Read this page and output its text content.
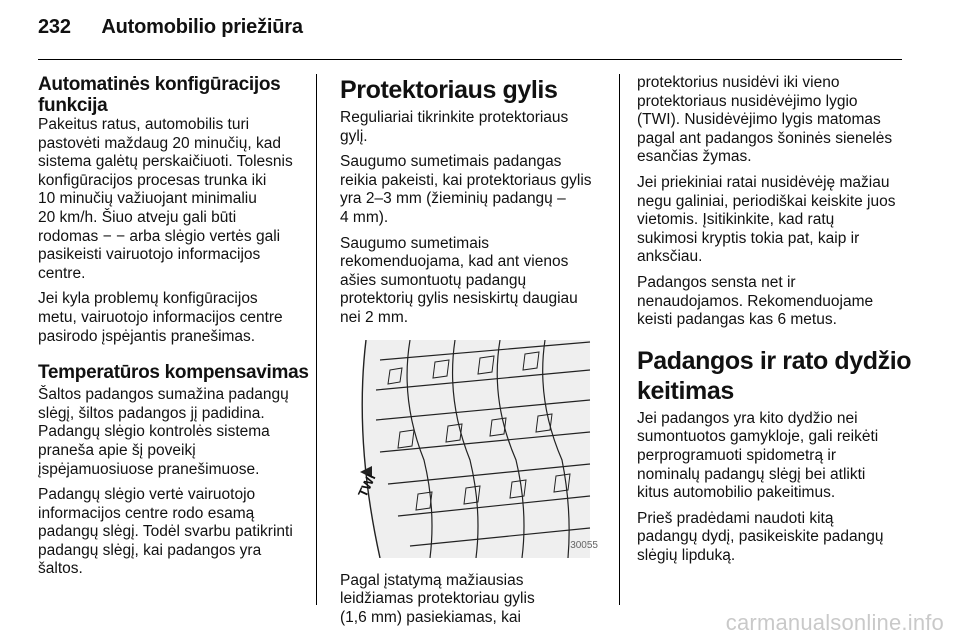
232 Automobilio priežiūra
Automatinės konfigūracijos
funkcija

Pakeitus ratus, automobilis turi
pastovėti maždaug 20 minučių, kad
sistema galėtų perskaičiuoti. Tolesnis
konfigūracijos procesas trunka iki
10 minučių važiuojant minimaliu
20 km/h. Šiuo atveju gali būti
rodomas − − arba slėgio vertės gali
pasikeisti vairuotojo informacijos
centre.

Jei kyla problemų konfigūracijos
metu, vairuotojo informacijos centre
pasirodo įspėjantis pranešimas.

Temperatūros kompensavimas

Šaltos padangos sumažina padangų
slėgį, šiltos padangos jį padidina.
Padangų slėgio kontrolės sistema
praneša apie šį poveikį
įspėjamuosiuose pranešimuose.

Padangų slėgio vertė vairuotojo
informacijos centre rodo esamą
padangų slėgį. Todėl svarbu patikrinti
padangų slėgį, kai padangos yra
šaltos.

Protektoriaus gylis

Reguliariai tikrinkite protektoriaus
gylį.

Saugumo sumetimais padangas
reikia pakeisti, kai protektoriaus gylis
yra 2–3 mm (žieminių padangų –
4 mm).

Saugumo sumetimais
rekomenduojama, kad ant vienos
ašies sumontuotų padangų
protektorių gylis nesiskirtų daugiau
nei 2 mm.

TWI
30055

Pagal įstatymą mažiausias
leidžiamas protektoriau gylis
(1,6 mm) pasiekiamas, kai

protektorius nusidėvi iki vieno
protektoriaus nusidėvėjimo lygio
(TWI). Nusidėvėjimo lygis matomas
pagal ant padangos šoninės sienelės
esančias žymas.

Jei priekiniai ratai nusidėvėję mažiau
negu galiniai, periodiškai keiskite juos
vietomis. Įsitikinkite, kad ratų
sukimosi kryptis tokia pat, kaip ir
anksčiau.

Padangos sensta net ir
nenaudojamos. Rekomenduojame
keisti padangas kas 6 metus.

Padangos ir rato dydžio
keitimas

Jei padangos yra kito dydžio nei
sumontuotos gamykloje, gali reikėti
perprogramuoti spidometrą ir
nominalų padangų slėgį bei atlikti
kitus automobilio pakeitimus.

Prieš pradėdami naudoti kitą
padangų dydį, pasikeiskite padangų
slėgių lipduką.

carmanualsonline.info
